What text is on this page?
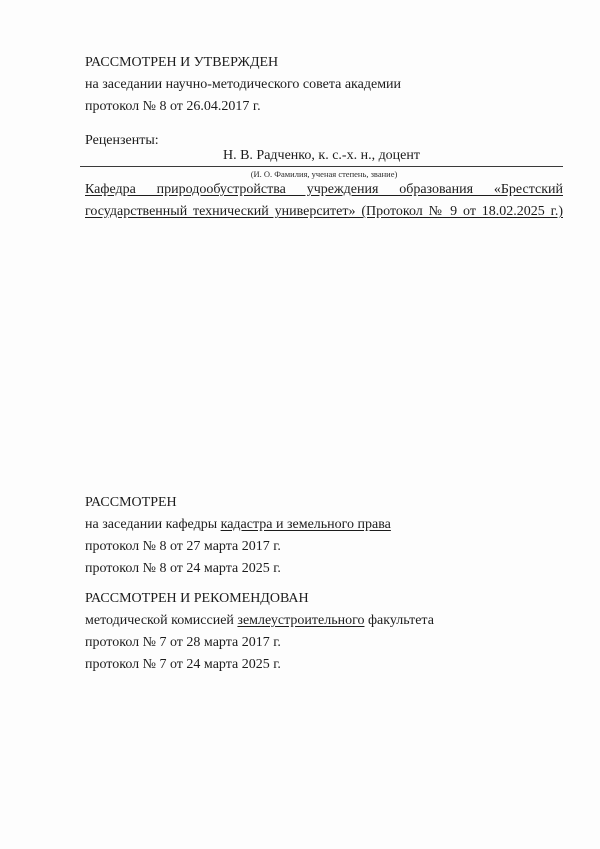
РАССМОТРЕН И УТВЕРЖДЕН
на заседании научно-методического совета академии
протокол № 8 от 26.04.2017 г.
Рецензенты:
Н. В. Радченко, к. с.-х. н., доцент
(И. О. Фамилия, ученая степень, звание)
Кафедра природообустройства учреждения образования «Брестский
государственный технический университет» (Протокол № 9 от 18.02.2025 г.)
РАССМОТРЕН
на заседании кафедры кадастра и земельного права
протокол № 8 от 27 марта 2017 г.
протокол № 8 от 24 марта 2025 г.
РАССМОТРЕН И РЕКОМЕНДОВАН
методической комиссией землеустроительного факультета
протокол № 7 от 28 марта 2017 г.
протокол № 7 от 24 марта 2025 г.
